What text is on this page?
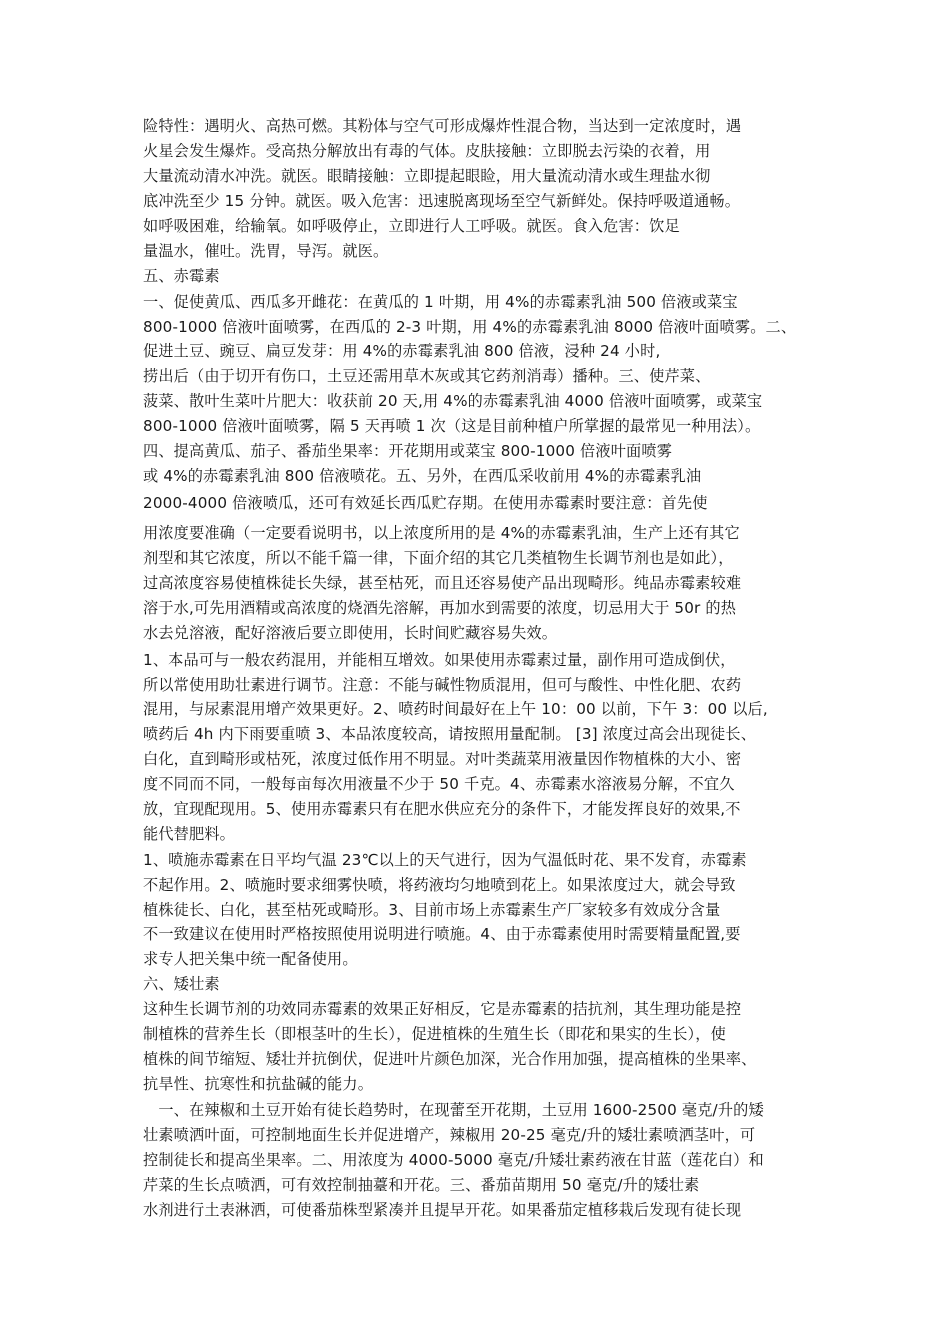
险特性：遇明火、高热可燃。其粉体与空气可形成爆炸性混合物，当达到一定浓度时，遇
火星会发生爆炸。受高热分解放出有毒的气体。皮肤接触：立即脱去污染的衣着，用
大量流动清水冲洗。就医。眼睛接触：立即提起眼睑，用大量流动清水或生理盐水彻
底冲洗至少 15 分钟。就医。吸入危害：迅速脱离现场至空气新鲜处。保持呼吸道通畅。
如呼吸困难，给输氧。如呼吸停止，立即进行人工呼吸。就医。食入危害：饮足
量温水，催吐。洗胃，导泻。就医。
五、赤霉素
一、促使黄瓜、西瓜多开雌花：在黄瓜的 1 叶期，用 4%的赤霉素乳油 500 倍液或菜宝
800-1000 倍液叶面喷雾，在西瓜的 2-3 叶期，用 4%的赤霉素乳油 8000 倍液叶面喷雾。二、
促进土豆、豌豆、扁豆发芽：用 4%的赤霉素乳油 800 倍液，浸种 24 小时,
捞出后（由于切开有伤口，土豆还需用草木灰或其它药剂消毒）播种。三、使芹菜、
菠菜、散叶生菜叶片肥大：收获前 20 天,用 4%的赤霉素乳油 4000 倍液叶面喷雾，或菜宝
800-1000 倍液叶面喷雾，隔 5 天再喷 1 次（这是目前种植户所掌握的最常见一种用法）。
四、提高黄瓜、茄子、番茄坐果率：开花期用或菜宝 800-1000 倍液叶面喷雾
或 4%的赤霉素乳油 800 倍液喷花。五、另外，在西瓜采收前用 4%的赤霉素乳油
2000-4000 倍液喷瓜，还可有效延长西瓜贮存期。在使用赤霉素时要注意：首先使
用浓度要准确（一定要看说明书，以上浓度所用的是 4%的赤霉素乳油，生产上还有其它
剂型和其它浓度，所以不能千篇一律，下面介绍的其它几类植物生长调节剂也是如此），
过高浓度容易使植株徒长失绿，甚至枯死，而且还容易使产品出现畸形。纯品赤霉素较难
溶于水,可先用酒精或高浓度的烧酒先溶解，再加水到需要的浓度，切忌用大于 50r 的热
水去兑溶液，配好溶液后要立即使用，长时间贮藏容易失效。
1、本品可与一般农药混用，并能相互增效。如果使用赤霉素过量，副作用可造成倒伏，
所以常使用助壮素进行调节。注意：不能与碱性物质混用，但可与酸性、中性化肥、农药
混用，与尿素混用增产效果更好。2、喷药时间最好在上午 10：00 以前，下午 3：00 以后,
喷药后 4h 内下雨要重喷 3、本品浓度较高，请按照用量配制。 [3] 浓度过高会出现徒长、
白化，直到畸形或枯死，浓度过低作用不明显。对叶类蔬菜用液量因作物植株的大小、密
度不同而不同，一般每亩每次用液量不少于 50 千克。4、赤霉素水溶液易分解，不宜久
放，宜现配现用。5、使用赤霉素只有在肥水供应充分的条件下，才能发挥良好的效果,不
能代替肥料。
1、喷施赤霉素在日平均气温 23℃以上的天气进行，因为气温低时花、果不发育，赤霉素
不起作用。2、喷施时要求细雾快喷，将药液均匀地喷到花上。如果浓度过大，就会导致
植株徒长、白化，甚至枯死或畸形。3、目前市场上赤霉素生产厂家较多有效成分含量
不一致建议在使用时严格按照使用说明进行喷施。4、由于赤霉素使用时需要精量配置,要
求专人把关集中统一配备使用。
六、矮壮素
这种生长调节剂的功效同赤霉素的效果正好相反，它是赤霉素的拮抗剂，其生理功能是控
制植株的营养生长（即根茎叶的生长），促进植株的生殖生长（即花和果实的生长），使
植株的间节缩短、矮壮并抗倒伏，促进叶片颜色加深，光合作用加强，提高植株的坐果率、
抗旱性、抗寒性和抗盐碱的能力。
　一、在辣椒和土豆开始有徒长趋势时，在现蕾至开花期，土豆用 1600-2500 毫克/升的矮
壮素喷洒叶面，可控制地面生长并促进增产，辣椒用 20-25 毫克/升的矮壮素喷洒茎叶，可
控制徒长和提高坐果率。二、用浓度为 4000-5000 毫克/升矮壮素药液在甘蓝（莲花白）和
芹菜的生长点喷洒，可有效控制抽薹和开花。三、番茄苗期用 50 毫克/升的矮壮素
水剂进行土表淋洒，可使番茄株型紧凑并且提早开花。如果番茄定植移栽后发现有徒长现
